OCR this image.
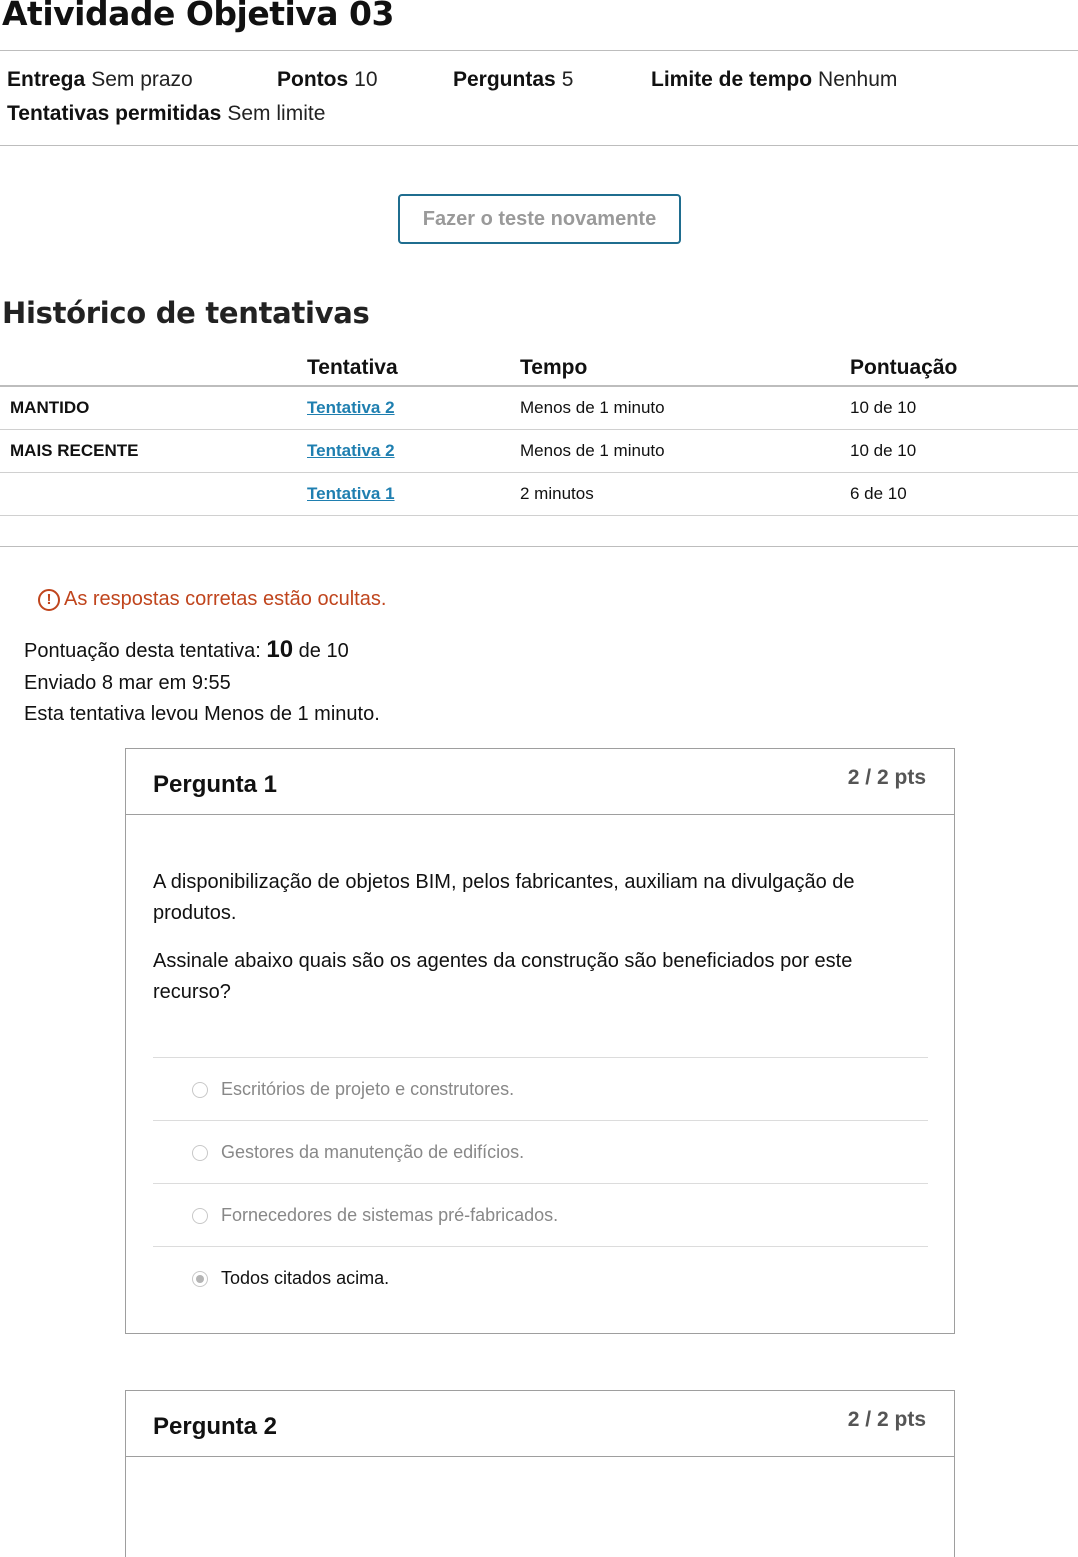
Atividade Objetiva 03
Entrega Sem prazo	Pontos 10	Perguntas 5	Limite de tempo Nenhum
Tentativas permitidas Sem limite
Fazer o teste novamente
Histórico de tentativas
	Tentativa	Tempo	Pontuação
MANTIDO	Tentativa 2	Menos de 1 minuto	10 de 10
MAIS RECENTE	Tentativa 2	Menos de 1 minuto	10 de 10
	Tentativa 1	2 minutos	6 de 10
! As respostas corretas estão ocultas.
Pontuação desta tentativa: 10 de 10
Enviado 8 mar em 9:55
Esta tentativa levou Menos de 1 minuto.
Pergunta 1	2 / 2 pts
A disponibilização de objetos BIM, pelos fabricantes, auxiliam na divulgação de produtos.
Assinale abaixo quais são os agentes da construção são beneficiados por este recurso?
Escritórios de projeto e construtores.
Gestores da manutenção de edifícios.
Fornecedores de sistemas pré-fabricados.
Todos citados acima.
Pergunta 2	2 / 2 pts
